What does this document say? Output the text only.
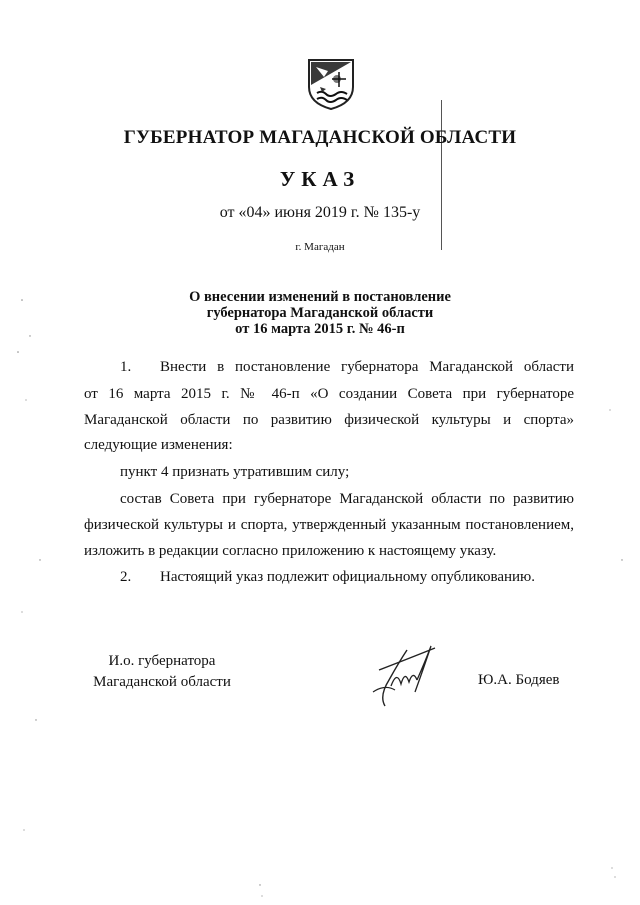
ГУБЕРНАТОР МАГАДАНСКОЙ ОБЛАСТИ
УКАЗ
от «04» июня 2019 г. № 135-у
г. Магадан
О внесении изменений в постановление
губернатора Магаданской области
от 16 марта 2015 г. № 46-п
1. Внести в постановление губернатора Магаданской области
от 16 марта 2015 г. № 46-п «О создании Совета при губернаторе
Магаданской области по развитию физической культуры и спорта»
следующие изменения:
пункт 4 признать утратившим силу;
состав Совета при губернаторе Магаданской области по развитию
физической культуры и спорта, утвержденный указанным постановлением,
изложить в редакции согласно приложению к настоящему указу.
2. Настоящий указ подлежит официальному опубликованию.
И.о. губернатора
Магаданской области	Ю.А. Бодяев
